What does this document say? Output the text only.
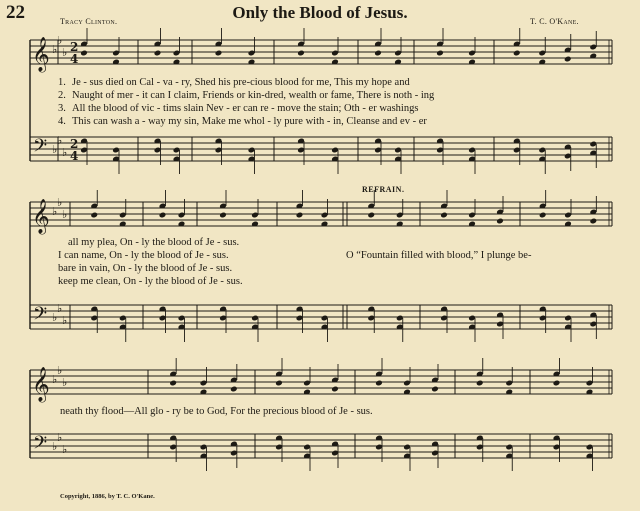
22	Only the Blood of Jesus.
Tracy Clinton.	T. C. O'Kane.
𝄞
𝄢
♭
♭
♭
♭
♭
♭
2
4
2
4
𝄞
𝄢
♭
♭
♭
♭
♭
♭
𝄞
𝄢
♭
♭
♭
♭
♭
♭
1. Je - sus died on Cal - va - ry, Shed his pre-cious blood for me, This my hope and
2. Naught of mer - it can I claim, Friends or kin-dred, wealth or fame, There is noth - ing
3. All the blood of vic - tims slain Nev - er can re - move the stain; Oth - er washings
4. This can wash a - way my sin, Make me whol - ly pure with - in, Cleanse and ev - er
REFRAIN.
all my plea, On - ly the blood of Je - sus.
I can name, On - ly the blood of Je - sus.
bare in vain, On - ly the blood of Je - sus.
keep me clean, On - ly the blood of Je - sus.
O “Fountain filled with blood,” I plunge be-
neath thy flood—All glo - ry be to God, For the precious blood of Je - sus.
Copyright, 1886, by T. C. O'Kane.
